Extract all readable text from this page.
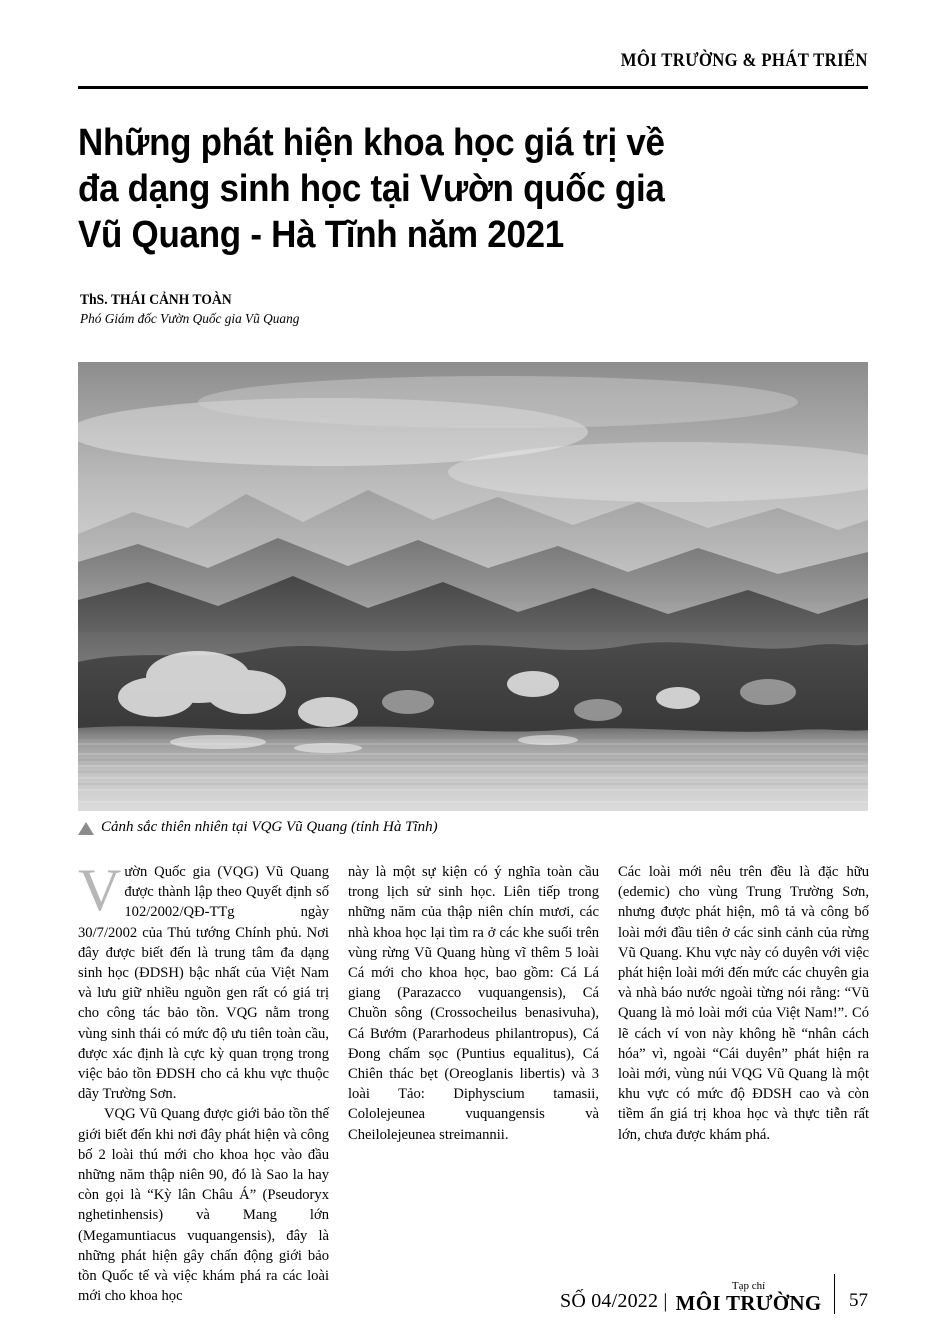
MÔI TRƯỜNG & PHÁT TRIỂN
Những phát hiện khoa học giá trị về
đa dạng sinh học tại Vườn quốc gia
Vũ Quang - Hà Tĩnh năm 2021
ThS. THÁI CẢNH TOÀN
Phó Giám đốc Vườn Quốc gia Vũ Quang
Cảnh sắc thiên nhiên tại VQG Vũ Quang (tỉnh Hà Tĩnh)

Vườn Quốc gia (VQG) Vũ Quang được thành lập theo Quyết định số 102/2002/QĐ-TTg ngày 30/7/2002 của Thủ tướng Chính phủ. Nơi đây được biết đến là trung tâm đa dạng sinh học (ĐDSH) bậc nhất của Việt Nam và lưu giữ nhiều nguồn gen rất có giá trị cho công tác bảo tồn. VQG nằm trong vùng sinh thái có mức độ ưu tiên toàn cầu, được xác định là cực kỳ quan trọng trong việc bảo tồn ĐDSH cho cả khu vực thuộc dãy Trường Sơn.

VQG Vũ Quang được giới bảo tồn thế giới biết đến khi nơi đây phát hiện và công bố 2 loài thú mới cho khoa học vào đầu những năm thập niên 90, đó là Sao la hay còn gọi là “Kỳ lân Châu Á” (Pseudoryx nghetinhensis) và Mang lớn (Megamuntiacus vuquangensis), đây là những phát hiện gây chấn động giới bảo tồn Quốc tế và việc khám phá ra các loài mới cho khoa học

này là một sự kiện có ý nghĩa toàn cầu trong lịch sử sinh học. Liên tiếp trong những năm của thập niên chín mươi, các nhà khoa học lại tìm ra ở các khe suối trên vùng rừng Vũ Quang hùng vĩ thêm 5 loài Cá mới cho khoa học, bao gồm: Cá Lá giang (Parazacco vuquangensis), Cá Chuồn sông (Crossocheilus benasivuha), Cá Bướm (Pararhodeus philantropus), Cá Đong chấm sọc (Puntius equalitus), Cá Chiên thác bẹt (Oreoglanis libertis) và 3 loài Tảo: Diphyscium tamasii, Cololejeunea vuquangensis và Cheilolejeunea streimannii.

Các loài mới nêu trên đều là đặc hữu (edemic) cho vùng Trung Trường Sơn, nhưng được phát hiện, mô tả và công bố loài mới đầu tiên ở các sinh cảnh của rừng Vũ Quang. Khu vực này có duyên với việc phát hiện loài mới đến mức các chuyên gia và nhà báo nước ngoài từng nói rằng: “Vũ Quang là mỏ loài mới của Việt Nam!”. Có lẽ cách ví von này không hề “nhân cách hóa” vì, ngoài “Cái duyên” phát hiện ra loài mới, vùng núi VQG Vũ Quang là một khu vực có mức độ ĐDSH cao và còn tiềm ẩn giá trị khoa học và thực tiễn rất lớn, chưa được khám phá.

SỐ 04/2022 |
Tạp chí
MÔI TRƯỜNG 57
